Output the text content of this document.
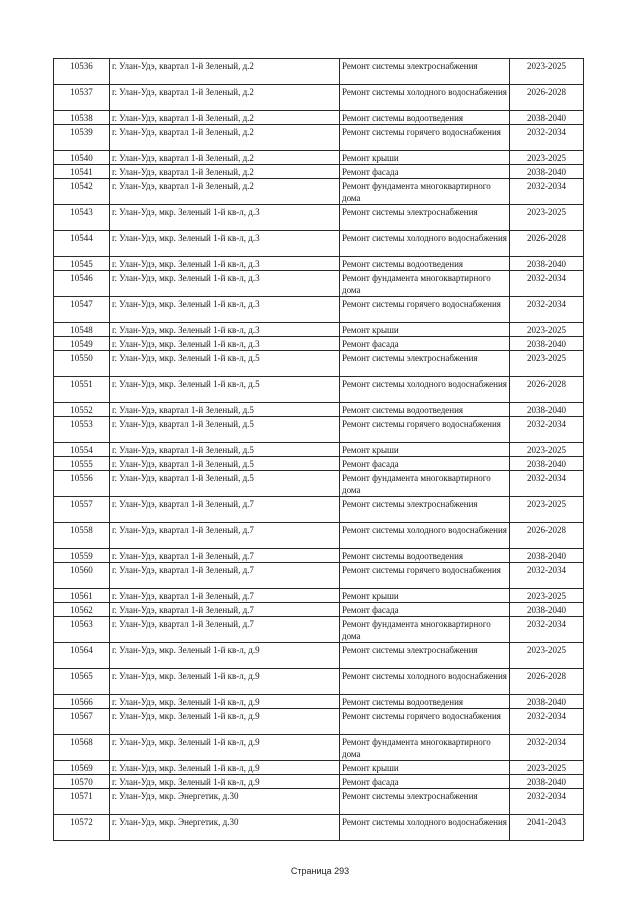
10536	г. Улан-Удэ, квартал 1-й Зеленый, д.2	Ремонт системы электроснабжения	2023-2025
10537	г. Улан-Удэ, квартал 1-й Зеленый, д.2	Ремонт системы холодного водоснабжения	2026-2028
10538	г. Улан-Удэ, квартал 1-й Зеленый, д.2	Ремонт системы водоотведения	2038-2040
10539	г. Улан-Удэ, квартал 1-й Зеленый, д.2	Ремонт системы горячего водоснабжения	2032-2034
10540	г. Улан-Удэ, квартал 1-й Зеленый, д.2	Ремонт крыши	2023-2025
10541	г. Улан-Удэ, квартал 1-й Зеленый, д.2	Ремонт фасада	2038-2040
10542	г. Улан-Удэ, квартал 1-й Зеленый, д.2	Ремонт фундамента многоквартирного дома	2032-2034
10543	г. Улан-Удэ, мкр. Зеленый 1-й кв-л, д.3	Ремонт системы электроснабжения	2023-2025
10544	г. Улан-Удэ, мкр. Зеленый 1-й кв-л, д.3	Ремонт системы холодного водоснабжения	2026-2028
10545	г. Улан-Удэ, мкр. Зеленый 1-й кв-л, д.3	Ремонт системы водоотведения	2038-2040
10546	г. Улан-Удэ, мкр. Зеленый 1-й кв-л, д.3	Ремонт фундамента многоквартирного дома	2032-2034
10547	г. Улан-Удэ, мкр. Зеленый 1-й кв-л, д.3	Ремонт системы горячего водоснабжения	2032-2034
10548	г. Улан-Удэ, мкр. Зеленый 1-й кв-л, д.3	Ремонт крыши	2023-2025
10549	г. Улан-Удэ, мкр. Зеленый 1-й кв-л, д.3	Ремонт фасада	2038-2040
10550	г. Улан-Удэ, мкр. Зеленый 1-й кв-л, д.5	Ремонт системы электроснабжения	2023-2025
10551	г. Улан-Удэ, мкр. Зеленый 1-й кв-л, д.5	Ремонт системы холодного водоснабжения	2026-2028
10552	г. Улан-Удэ, квартал 1-й Зеленый, д.5	Ремонт системы водоотведения	2038-2040
10553	г. Улан-Удэ, квартал 1-й Зеленый, д.5	Ремонт системы горячего водоснабжения	2032-2034
10554	г. Улан-Удэ, квартал 1-й Зеленый, д.5	Ремонт крыши	2023-2025
10555	г. Улан-Удэ, квартал 1-й Зеленый, д.5	Ремонт фасада	2038-2040
10556	г. Улан-Удэ, квартал 1-й Зеленый, д.5	Ремонт фундамента многоквартирного дома	2032-2034
10557	г. Улан-Удэ, квартал 1-й Зеленый, д.7	Ремонт системы электроснабжения	2023-2025
10558	г. Улан-Удэ, квартал 1-й Зеленый, д.7	Ремонт системы холодного водоснабжения	2026-2028
10559	г. Улан-Удэ, квартал 1-й Зеленый, д.7	Ремонт системы водоотведения	2038-2040
10560	г. Улан-Удэ, квартал 1-й Зеленый, д.7	Ремонт системы горячего водоснабжения	2032-2034
10561	г. Улан-Удэ, квартал 1-й Зеленый, д.7	Ремонт крыши	2023-2025
10562	г. Улан-Удэ, квартал 1-й Зеленый, д.7	Ремонт фасада	2038-2040
10563	г. Улан-Удэ, квартал 1-й Зеленый, д.7	Ремонт фундамента многоквартирного дома	2032-2034
10564	г. Улан-Удэ, мкр. Зеленый 1-й кв-л, д.9	Ремонт системы электроснабжения	2023-2025
10565	г. Улан-Удэ, мкр. Зеленый 1-й кв-л, д.9	Ремонт системы холодного водоснабжения	2026-2028
10566	г. Улан-Удэ, мкр. Зеленый 1-й кв-л, д.9	Ремонт системы водоотведения	2038-2040
10567	г. Улан-Удэ, мкр. Зеленый 1-й кв-л, д.9	Ремонт системы горячего водоснабжения	2032-2034
10568	г. Улан-Удэ, мкр. Зеленый 1-й кв-л, д.9	Ремонт фундамента многоквартирного дома	2032-2034
10569	г. Улан-Удэ, мкр. Зеленый 1-й кв-л, д.9	Ремонт крыши	2023-2025
10570	г. Улан-Удэ, мкр. Зеленый 1-й кв-л, д.9	Ремонт фасада	2038-2040
10571	г. Улан-Удэ, мкр. Энергетик, д.30	Ремонт системы электроснабжения	2032-2034
10572	г. Улан-Удэ, мкр. Энергетик, д.30	Ремонт системы холодного водоснабжения	2041-2043
Страница 293
